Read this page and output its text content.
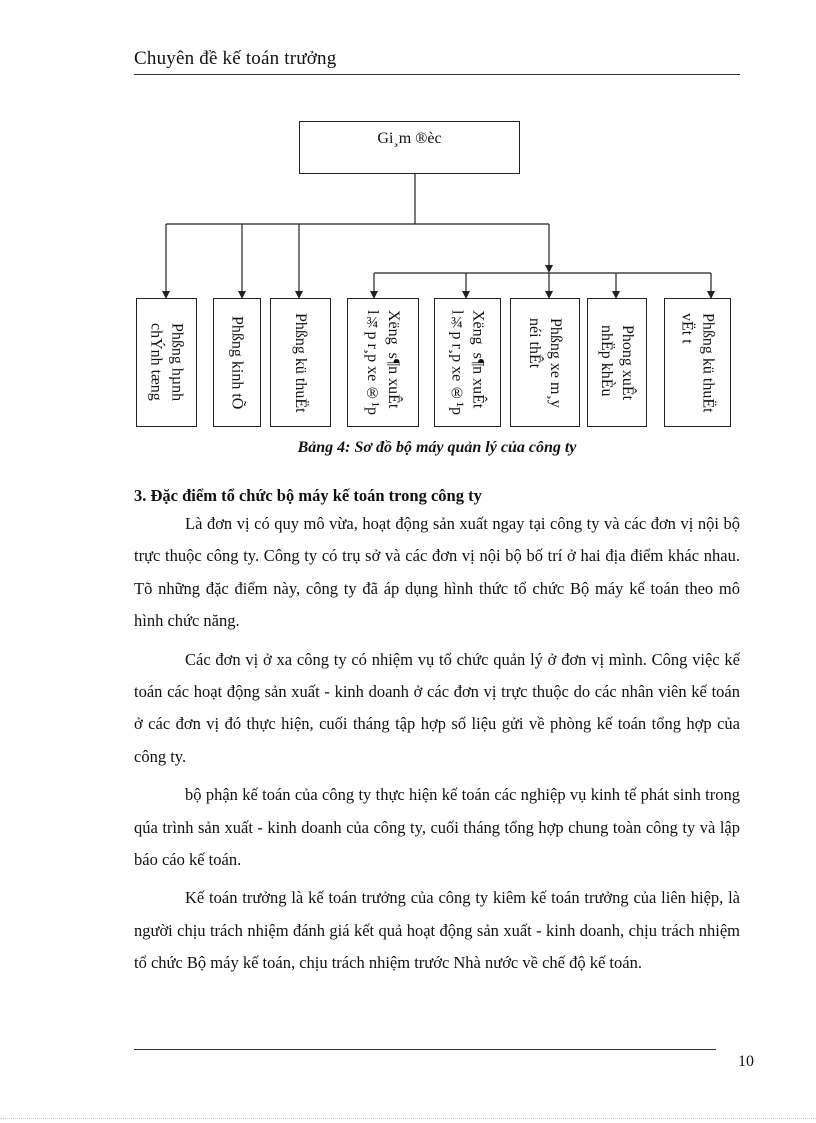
Chuyên đề kế toán trưởng
Gi¸m ®èc
Phßng hµnh
chÝnh tæng	Phßng kinh tÕ	Phßng kü thuËt	Xëng  s¶n xuÊt
l¾p r¸p xe ®¹p
Xëng  s¶n xuÊt
l¾p r¸p xe ®¹p
Phßng xe m¸y
néi thÊt	Phong xuÊt
nhËp khÈu
Phßng kü thuËt
vËt t
Bảng 4: Sơ đồ bộ máy quản lý của công ty
3. Đặc điểm tổ chức bộ máy kế toán trong công ty

Là đơn vị có quy mô vừa, hoạt động sản xuất ngay tại công ty và các đơn vị nội bộ trực thuộc công ty. Công ty có trụ sở và các đơn vị nội bộ bố trí ở hai địa điểm khác nhau. Tõ những đặc điểm này, công ty đã áp dụng hình thức tổ chức Bộ máy kế toán theo mô hình chức năng.

Các đơn vị ở xa công ty có nhiệm vụ tổ chức quản lý ở đơn vị mình. Công việc kế toán các hoạt động sản xuất - kinh doanh ở các đơn vị trực thuộc do các nhân viên kế toán ở các đơn vị đó thực hiện, cuối tháng tập hợp số liệu gửi về phòng kế toán tổng hợp của công ty.

bộ phận kế toán của công ty thực hiện kế toán các nghiệp vụ kinh tế phát sinh trong qúa trình sản xuất - kinh doanh của công ty, cuối tháng tổng hợp chung toàn công ty và lập báo cáo kế toán.

Kế toán trưởng là kế toán trưởng của công ty kiêm kế toán trưởng của liên hiệp, là người chịu trách nhiệm đánh giá kết quả hoạt động sản xuất - kinh doanh, chịu trách nhiệm tổ chức Bộ máy kế toán, chịu trách nhiệm trước Nhà nước về chế độ kế toán.

10
